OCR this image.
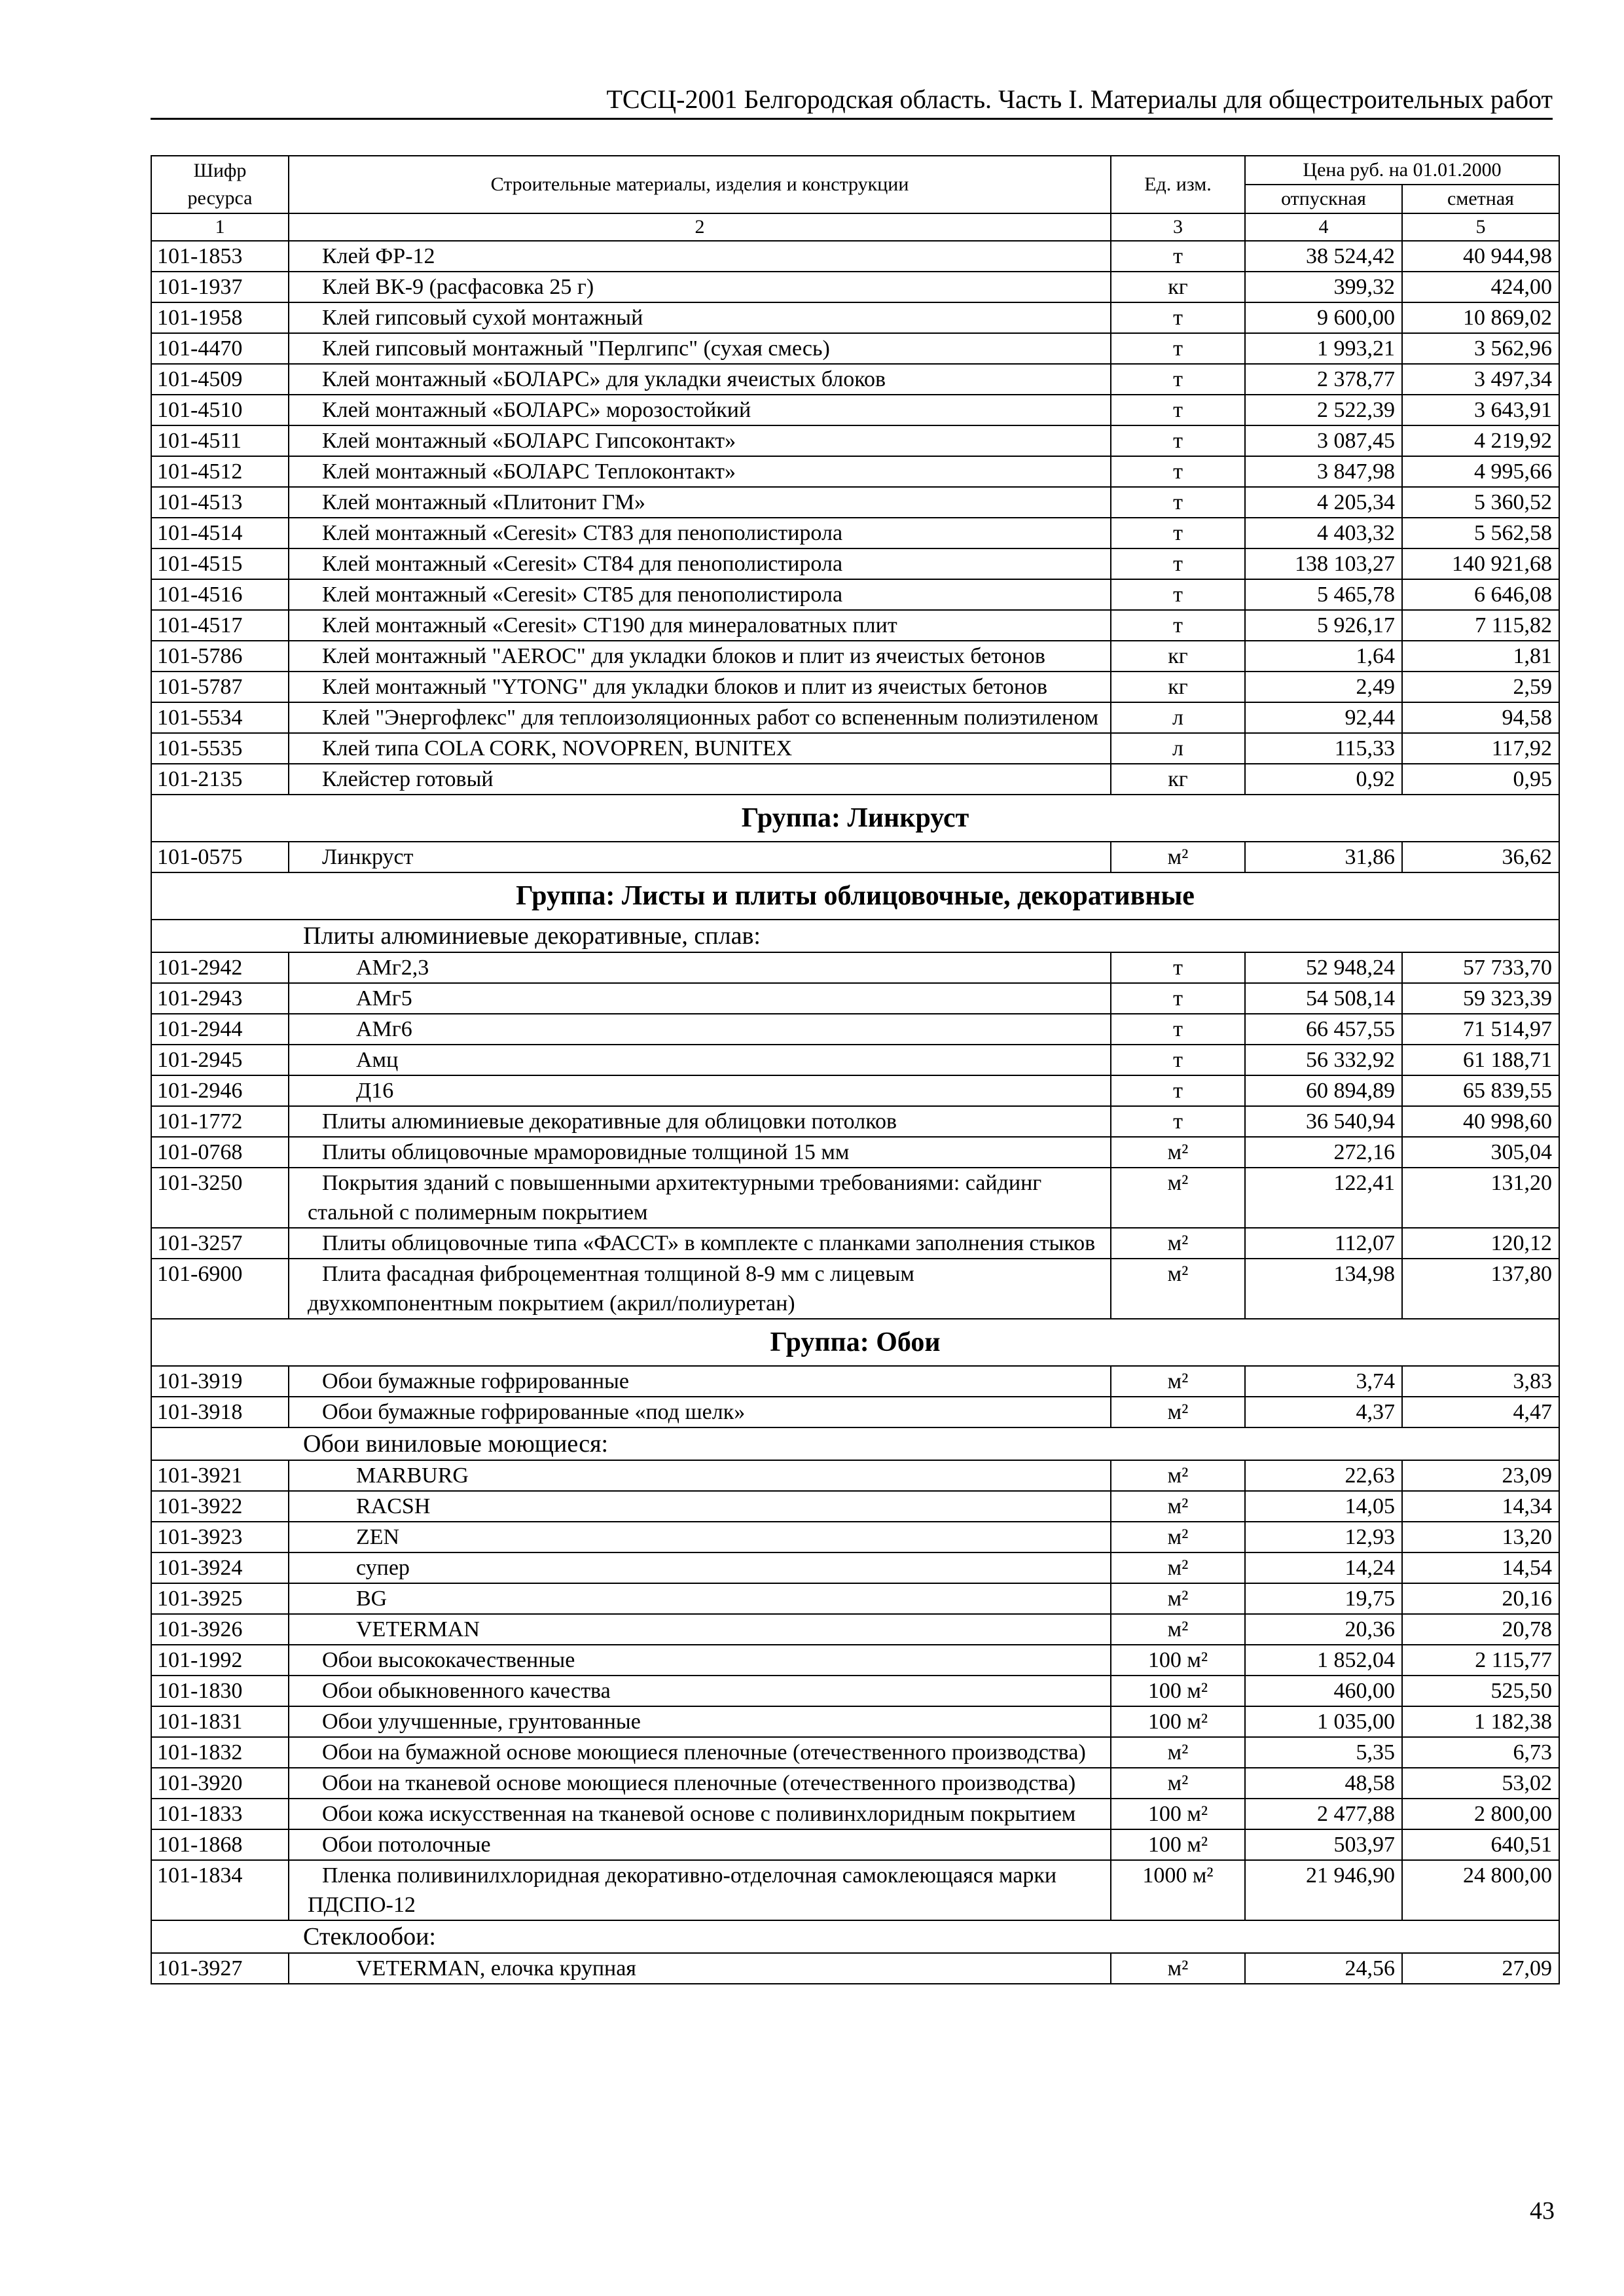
ТССЦ-2001 Белгородская область. Часть I. Материалы для общестроительных работ
Шифр ресурса	Строительные материалы, изделия и конструкции	Ед. изм.	Цена руб. на 01.01.2000	
			отпускная	сметная
1	2	3	4	5
101-1853	Клей ФР-12	т	38 524,42	40 944,98
101-1937	Клей ВК-9 (расфасовка 25 г)	кг	399,32	424,00
101-1958	Клей гипсовый сухой монтажный	т	9 600,00	10 869,02
101-4470	Клей гипсовый монтажный "Перлгипс" (сухая смесь)	т	1 993,21	3 562,96
101-4509	Клей монтажный «БОЛАРС» для укладки ячеистых блоков	т	2 378,77	3 497,34
101-4510	Клей монтажный «БОЛАРС» морозостойкий	т	2 522,39	3 643,91
101-4511	Клей монтажный «БОЛАРС Гипсоконтакт»	т	3 087,45	4 219,92
101-4512	Клей монтажный «БОЛАРС Теплоконтакт»	т	3 847,98	4 995,66
101-4513	Клей монтажный «Плитонит ГМ»	т	4 205,34	5 360,52
101-4514	Клей монтажный «Ceresit» CT83 для пенополистирола	т	4 403,32	5 562,58
101-4515	Клей монтажный «Ceresit» CT84 для пенополистирола	т	138 103,27	140 921,68
101-4516	Клей монтажный «Ceresit» CT85 для пенополистирола	т	5 465,78	6 646,08
101-4517	Клей монтажный «Ceresit» CT190 для минераловатных плит	т	5 926,17	7 115,82
101-5786	Клей монтажный "AEROC" для укладки блоков и плит из ячеистых бетонов	кг	1,64	1,81
101-5787	Клей монтажный "YTONG" для укладки блоков и плит из ячеистых бетонов	кг	2,49	2,59
101-5534	Клей "Энергофлекс" для теплоизоляционных работ со вспененным полиэтиленом	л	92,44	94,58
101-5535	Клей типа COLA CORK, NOVOPREN, BUNITEX	л	115,33	117,92
101-2135	Клейстер готовый	кг	0,92	0,95
Группа: Линкруст				
101-0575	Линкруст	м²	31,86	36,62
Группа: Листы и плиты облицовочные, декоративные				
	Плиты алюминиевые декоративные, сплав:			
101-2942	АМг2,3	т	52 948,24	57 733,70
101-2943	АМг5	т	54 508,14	59 323,39
101-2944	АМг6	т	66 457,55	71 514,97
101-2945	Амц	т	56 332,92	61 188,71
101-2946	Д16	т	60 894,89	65 839,55
101-1772	Плиты алюминиевые декоративные для облицовки потолков	т	36 540,94	40 998,60
101-0768	Плиты облицовочные мраморовидные толщиной 15 мм	м²	272,16	305,04
101-3250	Покрытия зданий с повышенными архитектурными требованиями: сайдинг стальной с полимерным покрытием	м²	122,41	131,20
101-3257	Плиты облицовочные типа «ФАССТ» в комплекте с планками заполнения стыков	м²	112,07	120,12
101-6900	Плита фасадная фиброцементная толщиной 8-9 мм с лицевым двухкомпонентным покрытием (акрил/полиуретан)	м²	134,98	137,80
Группа: Обои				
101-3919	Обои бумажные гофрированные	м²	3,74	3,83
101-3918	Обои бумажные гофрированные «под шелк»	м²	4,37	4,47
	Обои виниловые моющиеся:			
101-3921	MARBURG	м²	22,63	23,09
101-3922	RACSH	м²	14,05	14,34
101-3923	ZEN	м²	12,93	13,20
101-3924	супер	м²	14,24	14,54
101-3925	BG	м²	19,75	20,16
101-3926	VETERMAN	м²	20,36	20,78
101-1992	Обои высококачественные	100 м²	1 852,04	2 115,77
101-1830	Обои обыкновенного качества	100 м²	460,00	525,50
101-1831	Обои улучшенные, грунтованные	100 м²	1 035,00	1 182,38
101-1832	Обои на бумажной основе моющиеся пленочные (отечественного производства)	м²	5,35	6,73
101-3920	Обои на тканевой основе моющиеся пленочные (отечественного производства)	м²	48,58	53,02
101-1833	Обои кожа искусственная на тканевой основе с поливинхлоридным покрытием	100 м²	2 477,88	2 800,00
101-1868	Обои потолочные	100 м²	503,97	640,51
101-1834	Пленка поливинилхлоридная декоративно-отделочная самоклеющаяся марки ПДСПО-12	1000 м²	21 946,90	24 800,00
	Стеклообои:			
101-3927	VETERMAN, елочка крупная	м²	24,56	27,09
43
